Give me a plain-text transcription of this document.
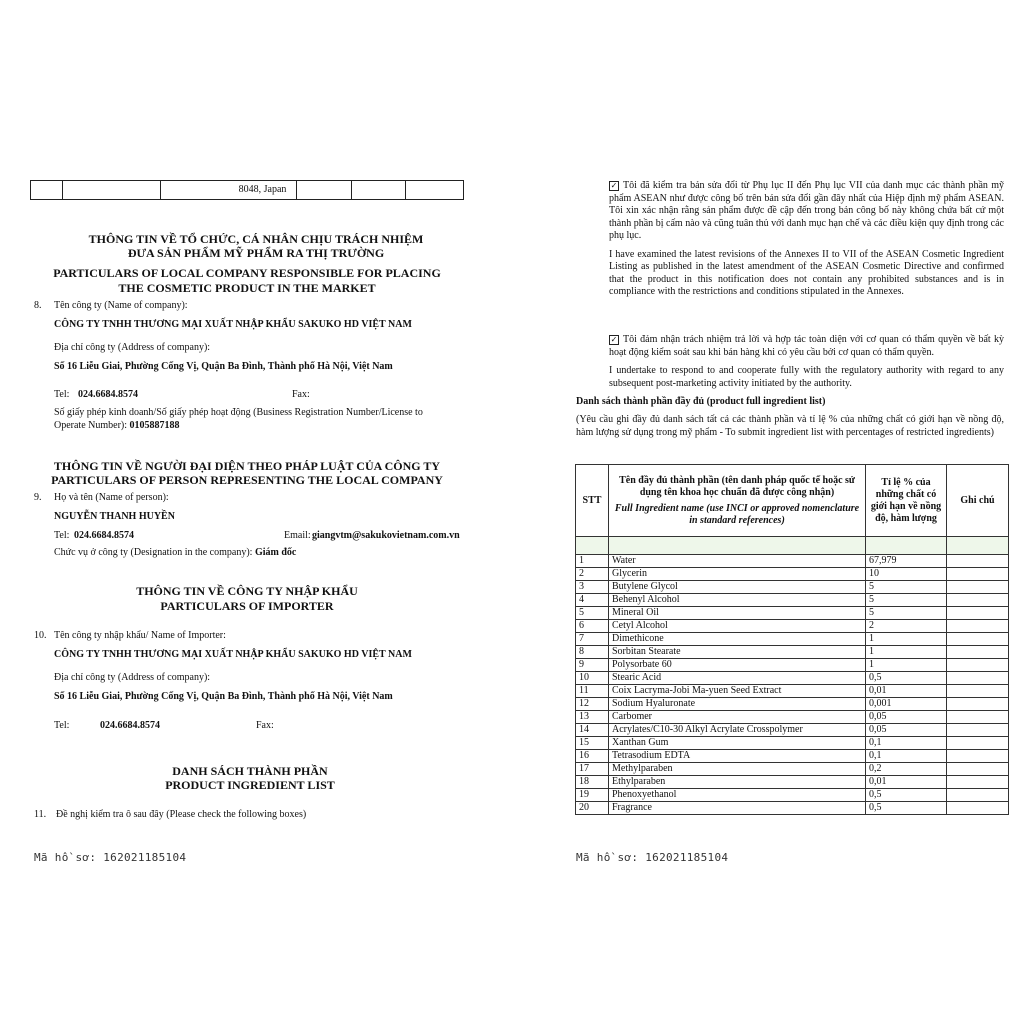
8048, Japan
THÔNG TIN VỀ TỔ CHỨC, CÁ NHÂN CHỊU TRÁCH NHIỆM
ĐƯA SẢN PHẨM MỸ PHẨM RA THỊ TRƯỜNG
PARTICULARS OF LOCAL COMPANY RESPONSIBLE FOR PLACING
THE COSMETIC PRODUCT IN THE MARKET
8. Tên công ty (Name of company):
CÔNG TY TNHH THƯƠNG MẠI XUẤT NHẬP KHẨU SAKUKO HD VIỆT NAM
Địa chỉ công ty (Address of company):
Số 16 Liễu Giai, Phường Cống Vị, Quận Ba Đình, Thành phố Hà Nội, Việt Nam
Tel: 024.6684.8574	Fax:
Số giấy phép kinh doanh/Số giấy phép hoạt động (Business Registration Number/License to
Operate Number): 0105887188
THÔNG TIN VỀ NGƯỜI ĐẠI DIỆN THEO PHÁP LUẬT CỦA CÔNG TY
PARTICULARS OF PERSON REPRESENTING THE LOCAL COMPANY
9. Họ và tên (Name of person):
NGUYỄN THANH HUYỀN
Tel: 024.6684.8574	Email: giangvtm@sakukovietnam.com.vn
Chức vụ ở công ty (Designation in the company): Giám đốc
THÔNG TIN VỀ CÔNG TY NHẬP KHẨU
PARTICULARS OF IMPORTER
10. Tên công ty nhập khẩu/ Name of Importer:
CÔNG TY TNHH THƯƠNG MẠI XUẤT NHẬP KHẨU SAKUKO HD VIỆT NAM
Địa chỉ công ty (Address of company):
Số 16 Liễu Giai, Phường Cống Vị, Quận Ba Đình, Thành phố Hà Nội, Việt Nam
Tel:	024.6684.8574	Fax:
DANH SÁCH THÀNH PHẦN
PRODUCT INGREDIENT LIST
11. Đề nghị kiểm tra ô sau đây (Please check the following boxes)
Mã hồ sơ: 162021185104

✓ Tôi đã kiểm tra bản sửa đổi từ Phụ lục II đến Phụ lục VII của danh mục các thành phần mỹ phẩm ASEAN như được công bố trên bản sửa đổi gần đây nhất của Hiệp định mỹ phẩm ASEAN. Tôi xin xác nhận rằng sản phẩm được đề cập đến trong bản công bố này không chứa bất cứ một thành phần bị cấm nào và cũng tuân thủ với danh mục hạn chế và các điều kiện quy định trong các phụ lục.

I have examined the latest revisions of the Annexes II to VII of the ASEAN Cosmetic Ingredient Listing as published in the latest amendment of the ASEAN Cosmetic Directive and confirmed that the product in this notification does not contain any prohibited substances and is in compliance with the restrictions and conditions stipulated in the Annexes.

✓ Tôi đảm nhận trách nhiệm trả lời và hợp tác toàn diện với cơ quan có thẩm quyền về bất kỳ hoạt động kiểm soát sau khi bán hàng khi có yêu cầu bởi cơ quan có thẩm quyền.

I undertake to respond to and cooperate fully with the regulatory authority with regard to any subsequent post-marketing activity initiated by the authority.

Danh sách thành phần đầy đủ (product full ingredient list)

(Yêu cầu ghi đầy đủ danh sách tất cả các thành phần và tỉ lệ % của những chất có giới hạn về nồng độ, hàm lượng sử dụng trong mỹ phẩm - To submit ingredient list with percentages of restricted ingredients)

Mã hồ sơ: 162021185104
STT	Tên đầy đủ thành phần (tên danh pháp quốc tế hoặc sử dụng tên khoa học chuẩn đã được công nhận)
Full Ingredient name (use INCI or approved nomenclature in standard references)	Tỉ lệ % của những chất có giới hạn về nồng độ, hàm lượng	Ghi chú

1	Water	67,979	
2	Glycerin	10	
3	Butylene Glycol	5	
4	Behenyl Alcohol	5	
5	Mineral Oil	5	
6	Cetyl Alcohol	2	
7	Dimethicone	1	
8	Sorbitan Stearate	1	
9	Polysorbate 60	1	
10	Stearic Acid	0,5	
11	Coix Lacryma-Jobi Ma-yuen Seed Extract	0,01	
12	Sodium Hyaluronate	0,001	
13	Carbomer	0,05	
14	Acrylates/C10-30 Alkyl Acrylate Crosspolymer	0,05	
15	Xanthan Gum	0,1	
16	Tetrasodium EDTA	0,1	
17	Methylparaben	0,2	
18	Ethylparaben	0,01	
19	Phenoxyethanol	0,5	
20	Fragrance	0,5	
